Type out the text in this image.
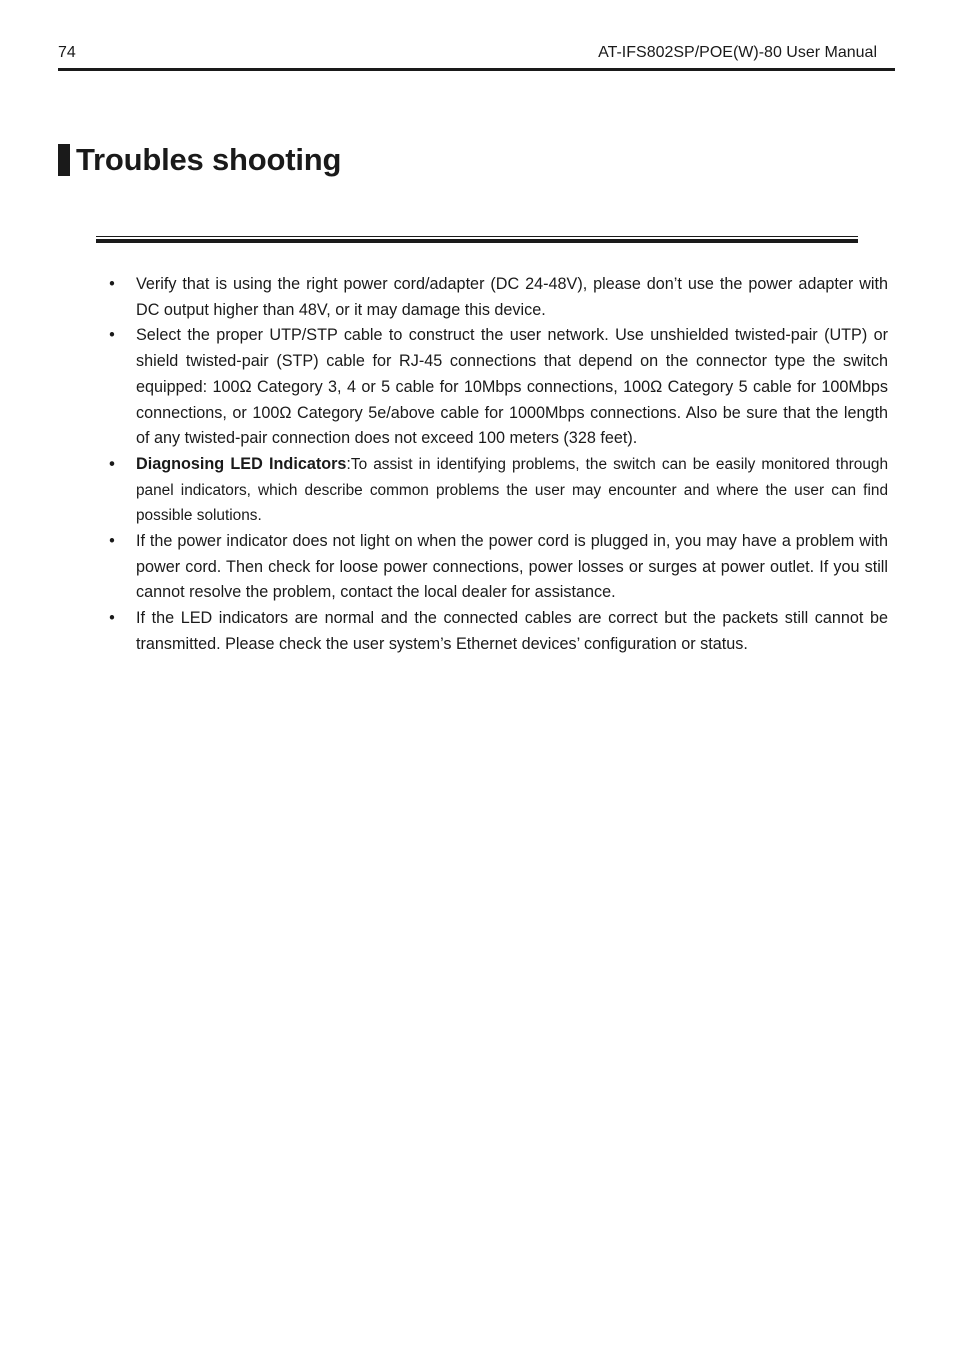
74	AT-IFS802SP/POE(W)-80 User Manual
Troubles shooting
• Verify that is using the right power cord/adapter (DC 24-48V), please don’t use the power adapter with DC output higher than 48V, or it may damage this device.
• Select the proper UTP/STP cable to construct the user network. Use unshielded twisted-pair (UTP) or shield twisted-pair (STP) cable for RJ-45 connections that depend on the connector type the switch equipped: 100Ω Category 3, 4 or 5 cable for 10Mbps connections, 100Ω Category 5 cable for 100Mbps connections, or 100Ω Category 5e/above cable for 1000Mbps connections. Also be sure that the length of any twisted-pair connection does not exceed 100 meters (328 feet).
• Diagnosing LED Indicators:To assist in identifying problems, the switch can be easily monitored through panel indicators, which describe common problems the user may encounter and where the user can find possible solutions.
• If the power indicator does not light on when the power cord is plugged in, you may have a problem with power cord. Then check for loose power connections, power losses or surges at power outlet. If you still cannot resolve the problem, contact the local dealer for assistance.
• If the LED indicators are normal and the connected cables are correct but the packets still cannot be transmitted. Please check the user system’s Ethernet devices’ configuration or status.
